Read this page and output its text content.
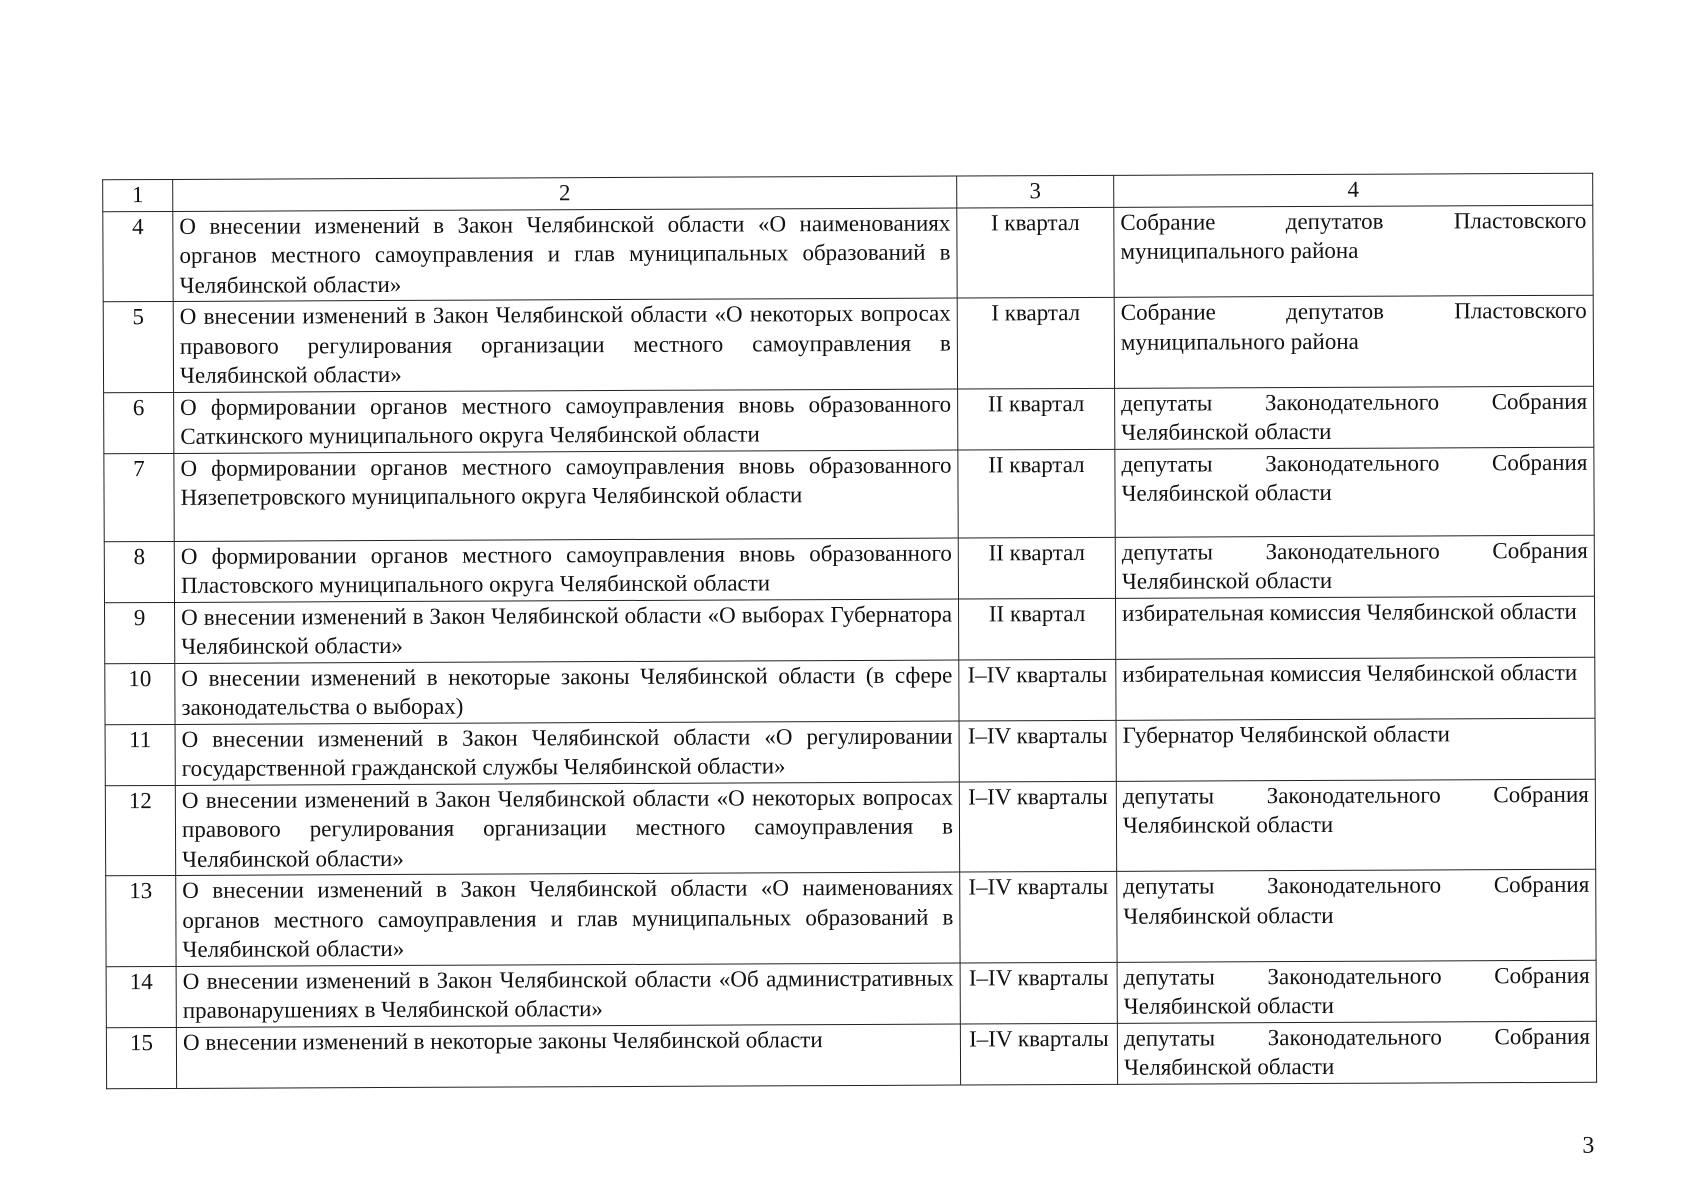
1	2	3	4
4	О внесении изменений в Закон Челябинской области «О наименованиях органов местного самоуправления и глав муниципальных образований в Челябинской области»	I квартал	Собрание депутатов Пластовского муниципального района
5	О внесении изменений в Закон Челябинской области «О некоторых вопросах правового регулирования организации местного самоуправления в Челябинской области»	I квартал	Собрание депутатов Пластовского муниципального района
6	О формировании органов местного самоуправления вновь образованного Саткинского муниципального округа Челябинской области	II квартал	депутаты Законодательного Собрания Челябинской области
7	О формировании органов местного самоуправления вновь образованного Нязепетровского муниципального округа Челябинской области	II квартал	депутаты Законодательного Собрания Челябинской области
8	О формировании органов местного самоуправления вновь образованного Пластовского муниципального округа Челябинской области	II квартал	депутаты Законодательного Собрания Челябинской области
9	О внесении изменений в Закон Челябинской области «О выборах Губернатора Челябинской области»	II квартал	избирательная комиссия Челябинской области
10	О внесении изменений в некоторые законы Челябинской области (в сфере законодательства о выборах)	I–IV кварталы	избирательная комиссия Челябинской области
11	О внесении изменений в Закон Челябинской области «О регулировании государственной гражданской службы Челябинской области»	I–IV кварталы	Губернатор Челябинской области
12	О внесении изменений в Закон Челябинской области «О некоторых вопросах правового регулирования организации местного самоуправления в Челябинской области»	I–IV кварталы	депутаты Законодательного Собрания Челябинской области
13	О внесении изменений в Закон Челябинской области «О наименованиях органов местного самоуправления и глав муниципальных образований в Челябинской области»	I–IV кварталы	депутаты Законодательного Собрания Челябинской области
14	О внесении изменений в Закон Челябинской области «Об административных правонарушениях в Челябинской области»	I–IV кварталы	депутаты Законодательного Собрания Челябинской области
15	О внесении изменений в некоторые законы Челябинской области	I–IV кварталы	депутаты Законодательного Собрания Челябинской области
3
